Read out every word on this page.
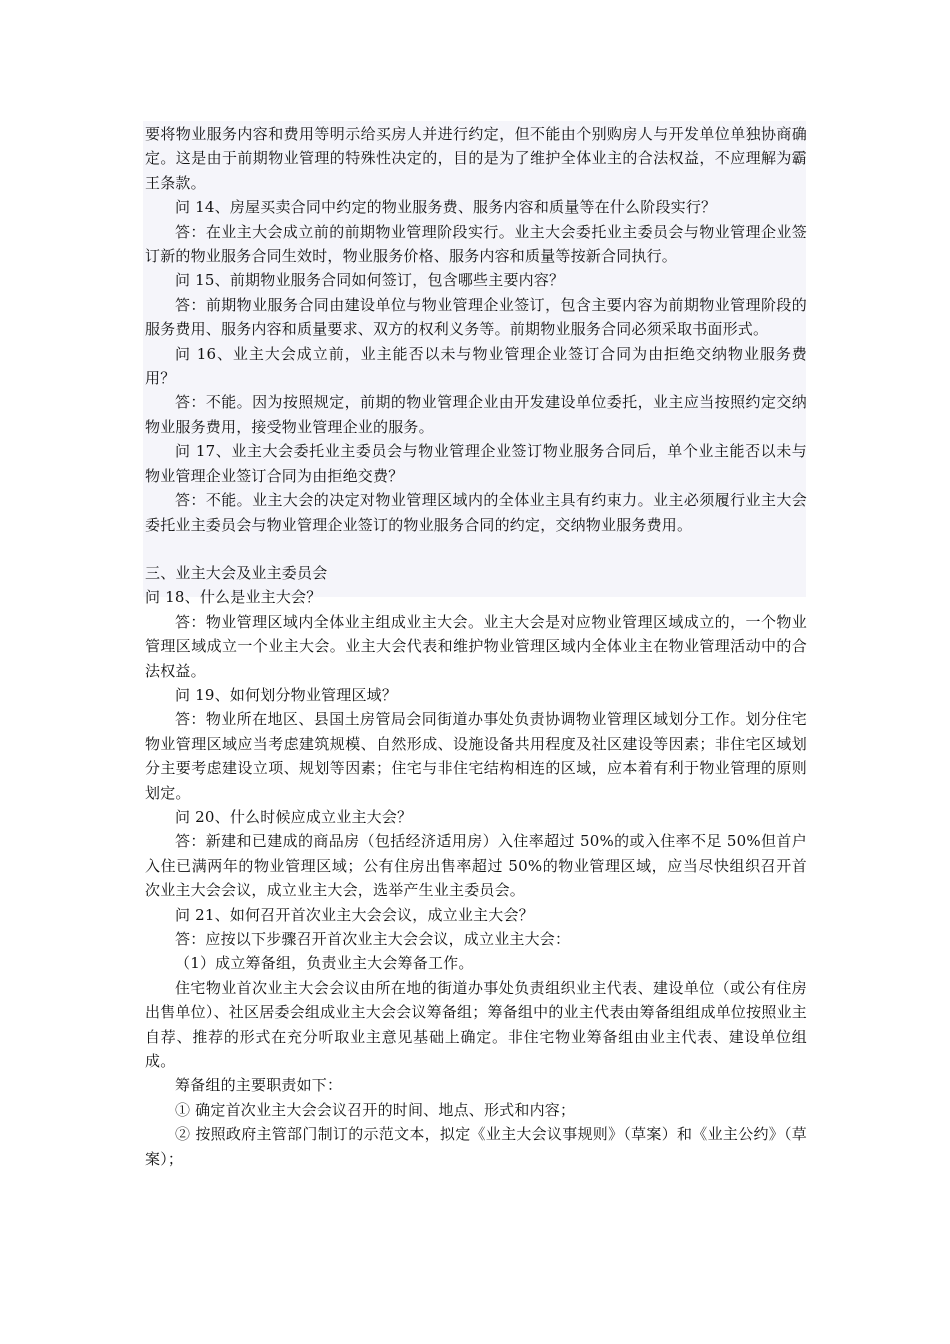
要将物业服务内容和费用等明示给买房人并进行约定，但不能由个别购房人与开发单位单独协商确定。这是由于前期物业管理的特殊性决定的，目的是为了维护全体业主的合法权益，不应理解为霸王条款。

问 14、房屋买卖合同中约定的物业服务费、服务内容和质量等在什么阶段实行？

答：在业主大会成立前的前期物业管理阶段实行。业主大会委托业主委员会与物业管理企业签订新的物业服务合同生效时，物业服务价格、服务内容和质量等按新合同执行。

问 15、前期物业服务合同如何签订，包含哪些主要内容？

答：前期物业服务合同由建设单位与物业管理企业签订，包含主要内容为前期物业管理阶段的服务费用、服务内容和质量要求、双方的权利义务等。前期物业服务合同必须采取书面形式。

问 16、业主大会成立前，业主能否以未与物业管理企业签订合同为由拒绝交纳物业服务费用？

答：不能。因为按照规定，前期的物业管理企业由开发建设单位委托，业主应当按照约定交纳物业服务费用，接受物业管理企业的服务。

问 17、业主大会委托业主委员会与物业管理企业签订物业服务合同后，单个业主能否以未与物业管理企业签订合同为由拒绝交费？

答：不能。业主大会的决定对物业管理区域内的全体业主具有约束力。业主必须履行业主大会委托业主委员会与物业管理企业签订的物业服务合同的约定，交纳物业服务费用。

三、业主大会及业主委员会

问 18、什么是业主大会？

答：物业管理区域内全体业主组成业主大会。业主大会是对应物业管理区域成立的，一个物业管理区域成立一个业主大会。业主大会代表和维护物业管理区域内全体业主在物业管理活动中的合法权益。

问 19、如何划分物业管理区域？

答：物业所在地区、县国土房管局会同街道办事处负责协调物业管理区域划分工作。划分住宅物业管理区域应当考虑建筑规模、自然形成、设施设备共用程度及社区建设等因素；非住宅区域划分主要考虑建设立项、规划等因素；住宅与非住宅结构相连的区域，应本着有利于物业管理的原则划定。

问 20、什么时候应成立业主大会？

答：新建和已建成的商品房（包括经济适用房）入住率超过 50%的或入住率不足 50%但首户入住已满两年的物业管理区域；公有住房出售率超过 50%的物业管理区域，应当尽快组织召开首次业主大会会议，成立业主大会，选举产生业主委员会。

问 21、如何召开首次业主大会会议，成立业主大会？

答：应按以下步骤召开首次业主大会会议，成立业主大会：

（1）成立筹备组，负责业主大会筹备工作。

住宅物业首次业主大会会议由所在地的街道办事处负责组织业主代表、建设单位（或公有住房出售单位）、社区居委会组成业主大会会议筹备组；筹备组中的业主代表由筹备组组成单位按照业主自荐、推荐的形式在充分听取业主意见基础上确定。非住宅物业筹备组由业主代表、建设单位组成。

筹备组的主要职责如下：

① 确定首次业主大会会议召开的时间、地点、形式和内容；

② 按照政府主管部门制订的示范文本，拟定《业主大会议事规则》（草案）和《业主公约》（草案）；
